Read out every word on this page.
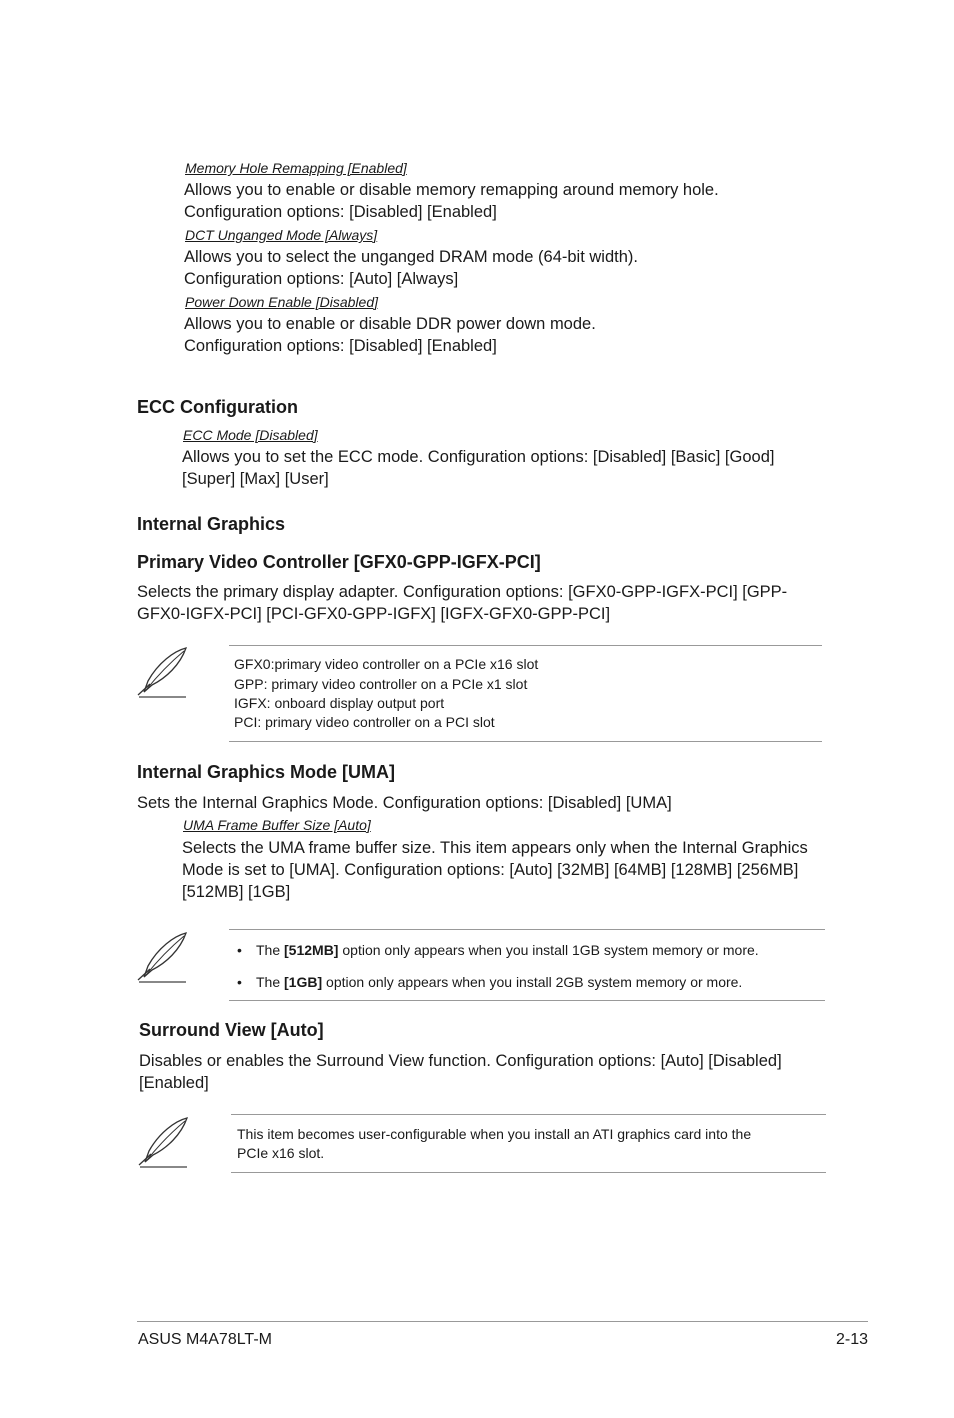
Memory Hole Remapping [Enabled]

Allows you to enable or disable memory remapping around memory hole.

Configuration options: [Disabled] [Enabled]

DCT Unganged Mode [Always]

Allows you to select the unganged DRAM mode (64-bit width).

Configuration options: [Auto] [Always]

Power Down Enable [Disabled]

Allows you to enable or disable DDR power down mode.

Configuration options: [Disabled] [Enabled]

ECC Configuration

ECC Mode [Disabled]

Allows you to set the ECC mode. Configuration options: [Disabled] [Basic] [Good]

[Super] [Max] [User]

Internal Graphics

Primary Video Controller [GFX0-GPP-IGFX-PCI]

Selects the primary display adapter. Configuration options: [GFX0-GPP-IGFX-PCI] [GPP-

GFX0-IGFX-PCI] [PCI-GFX0-GPP-IGFX] [IGFX-GFX0-GPP-PCI]

GFX0:primary video controller on a PCIe x16 slot
GPP: primary video controller on a PCIe x1 slot
IGFX: onboard display output port
PCI: primary video controller on a PCI slot

Internal Graphics Mode [UMA]

Sets the Internal Graphics Mode. Configuration options: [Disabled] [UMA]

UMA Frame Buffer Size [Auto]

Selects the UMA frame buffer size. This item appears only when the Internal Graphics

Mode is set to [UMA]. Configuration options: [Auto] [32MB] [64MB] [128MB] [256MB]

[512MB] [1GB]

• The [512MB] option only appears when you install 1GB system memory or more.
• The [1GB] option only appears when you install 2GB system memory or more.

Surround View [Auto]

Disables or enables the Surround View function. Configuration options: [Auto] [Disabled]

[Enabled]

This item becomes user-configurable when you install an ATI graphics card into the
PCIe x16 slot.

ASUS M4A78LT-M	2-13
